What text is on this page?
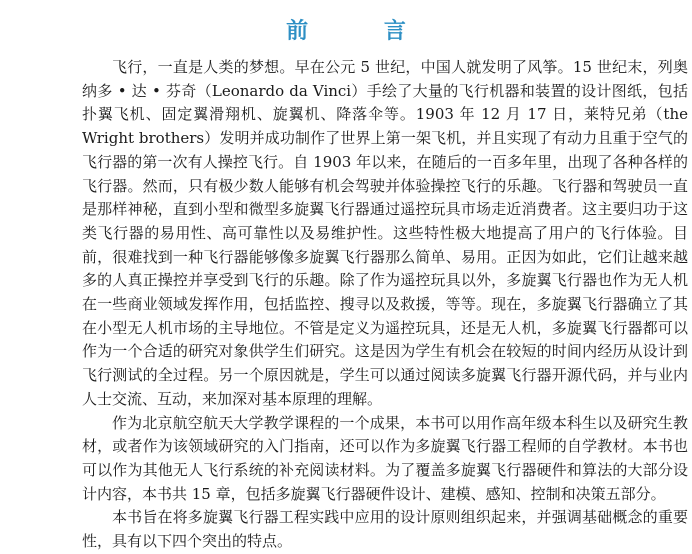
前 言

飞行，一直是人类的梦想。早在公元 5 世纪，中国人就发明了风筝。15 世纪末，列奥纳多 • 达 • 芬奇（Leonardo da Vinci）手绘了大量的飞行机器和装置的设计图纸，包括扑翼飞机、固定翼滑翔机、旋翼机、降落伞等。1903 年 12 月 17 日，莱特兄弟（the Wright brothers）发明并成功制作了世界上第一架飞机，并且实现了有动力且重于空气的飞行器的第一次有人操控飞行。自 1903 年以来，在随后的一百多年里，出现了各种各样的飞行器。然而，只有极少数人能够有机会驾驶并体验操控飞行的乐趣。飞行器和驾驶员一直是那样神秘，直到小型和微型多旋翼飞行器通过遥控玩具市场走近消费者。这主要归功于这类飞行器的易用性、高可靠性以及易维护性。这些特性极大地提高了用户的飞行体验。目前，很难找到一种飞行器能够像多旋翼飞行器那么简单、易用。正因为如此，它们让越来越多的人真正操控并享受到飞行的乐趣。除了作为遥控玩具以外，多旋翼飞行器也作为无人机在一些商业领域发挥作用，包括监控、搜寻以及救援，等等。现在，多旋翼飞行器确立了其在小型无人机市场的主导地位。不管是定义为遥控玩具，还是无人机，多旋翼飞行器都可以作为一个合适的研究对象供学生们研究。这是因为学生有机会在较短的时间内经历从设计到飞行测试的全过程。另一个原因就是，学生可以通过阅读多旋翼飞行器开源代码，并与业内人士交流、互动，来加深对基本原理的理解。

作为北京航空航天大学教学课程的一个成果，本书可以用作高年级本科生以及研究生教材，或者作为该领域研究的入门指南，还可以作为多旋翼飞行器工程师的自学教材。本书也可以作为其他无人飞行系统的补充阅读材料。为了覆盖多旋翼飞行器硬件和算法的大部分设计内容，本书共 15 章，包括多旋翼飞行器硬件设计、建模、感知、控制和决策五部分。

本书旨在将多旋翼飞行器工程实践中应用的设计原则组织起来，并强调基础概念的重要性，具有以下四个突出的特点。
